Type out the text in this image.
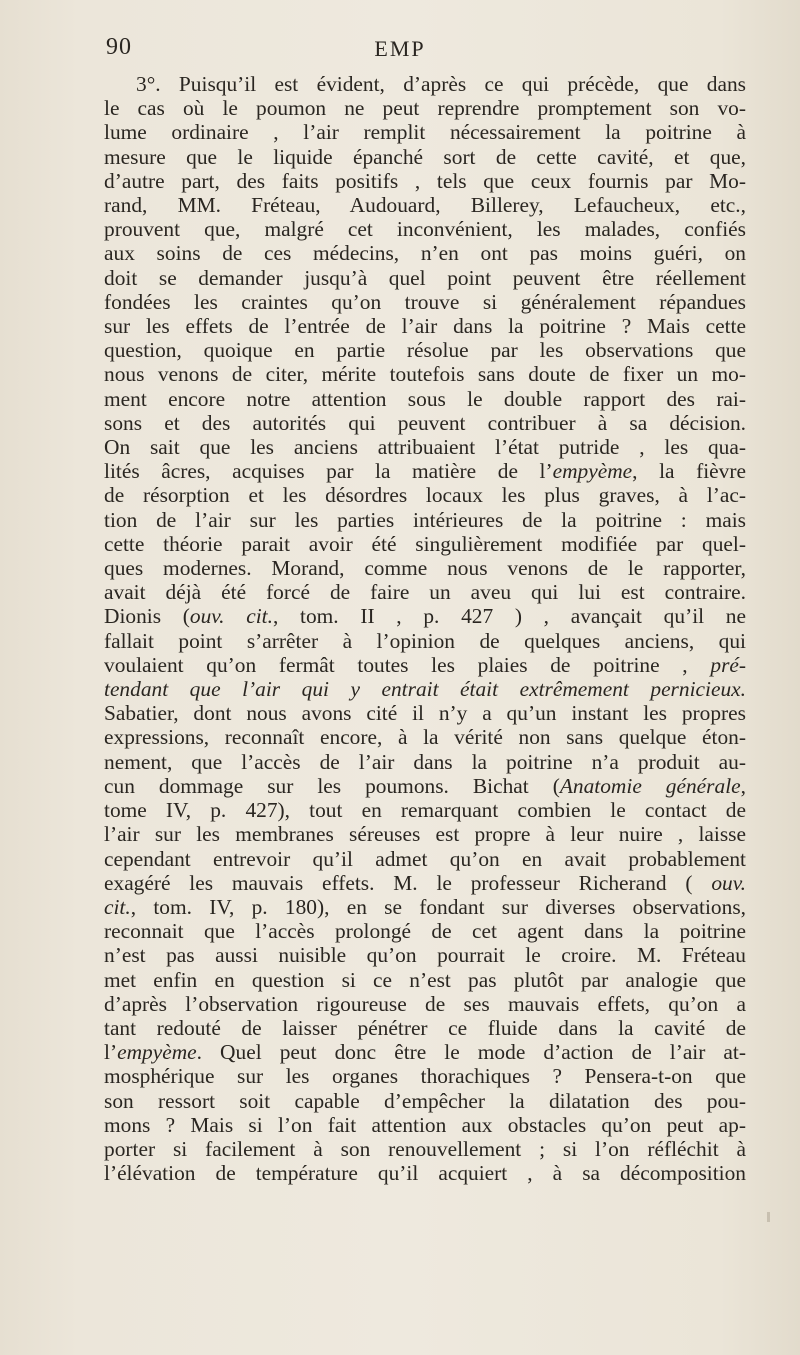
90	EMP
3°. Puisqu’il est évident, d’après ce qui précède, que dans
le cas où le poumon ne peut reprendre promptement son vo-
lume ordinaire , l’air remplit nécessairement la poitrine à
mesure que le liquide épanché sort de cette cavité, et que,
d’autre part, des faits positifs , tels que ceux fournis par Mo-
rand, MM. Fréteau, Audouard, Billerey, Lefaucheux, etc.,
prouvent que, malgré cet inconvénient, les malades, confiés
aux soins de ces médecins, n’en ont pas moins guéri, on
doit se demander jusqu’à quel point peuvent être réellement
fondées les craintes qu’on trouve si généralement répandues
sur les effets de l’entrée de l’air dans la poitrine ? Mais cette
question, quoique en partie résolue par les observations que
nous venons de citer, mérite toutefois sans doute de fixer un mo-
ment encore notre attention sous le double rapport des rai-
sons et des autorités qui peuvent contribuer à sa décision.
On sait que les anciens attribuaient l’état putride , les qua-
lités âcres, acquises par la matière de l’empyème, la fièvre
de résorption et les désordres locaux les plus graves, à l’ac-
tion de l’air sur les parties intérieures de la poitrine : mais
cette théorie parait avoir été singulièrement modifiée par quel-
ques modernes. Morand, comme nous venons de le rapporter,
avait déjà été forcé de faire un aveu qui lui est contraire.
Dionis (ouv. cit., tom. II , p. 427 ) , avançait qu’il ne
fallait point s’arrêter à l’opinion de quelques anciens, qui
voulaient qu’on fermât toutes les plaies de poitrine , pré-
tendant que l’air qui y entrait était extrêmement pernicieux.
Sabatier, dont nous avons cité il n’y a qu’un instant les propres
expressions, reconnaît encore, à la vérité non sans quelque éton-
nement, que l’accès de l’air dans la poitrine n’a produit au-
cun dommage sur les poumons. Bichat (Anatomie générale,
tome IV, p. 427), tout en remarquant combien le contact de
l’air sur les membranes séreuses est propre à leur nuire , laisse
cependant entrevoir qu’il admet qu’on en avait probablement
exagéré les mauvais effets. M. le professeur Richerand ( ouv.
cit., tom. IV, p. 180), en se fondant sur diverses observations,
reconnait que l’accès prolongé de cet agent dans la poitrine
n’est pas aussi nuisible qu’on pourrait le croire. M. Fréteau
met enfin en question si ce n’est pas plutôt par analogie que
d’après l’observation rigoureuse de ses mauvais effets, qu’on a
tant redouté de laisser pénétrer ce fluide dans la cavité de
l’empyème. Quel peut donc être le mode d’action de l’air at-
mosphérique sur les organes thorachiques ? Pensera-t-on que
son ressort soit capable d’empêcher la dilatation des pou-
mons ? Mais si l’on fait attention aux obstacles qu’on peut ap-
porter si facilement à son renouvellement ; si l’on réfléchit à
l’élévation de température qu’il acquiert , à sa décomposition
